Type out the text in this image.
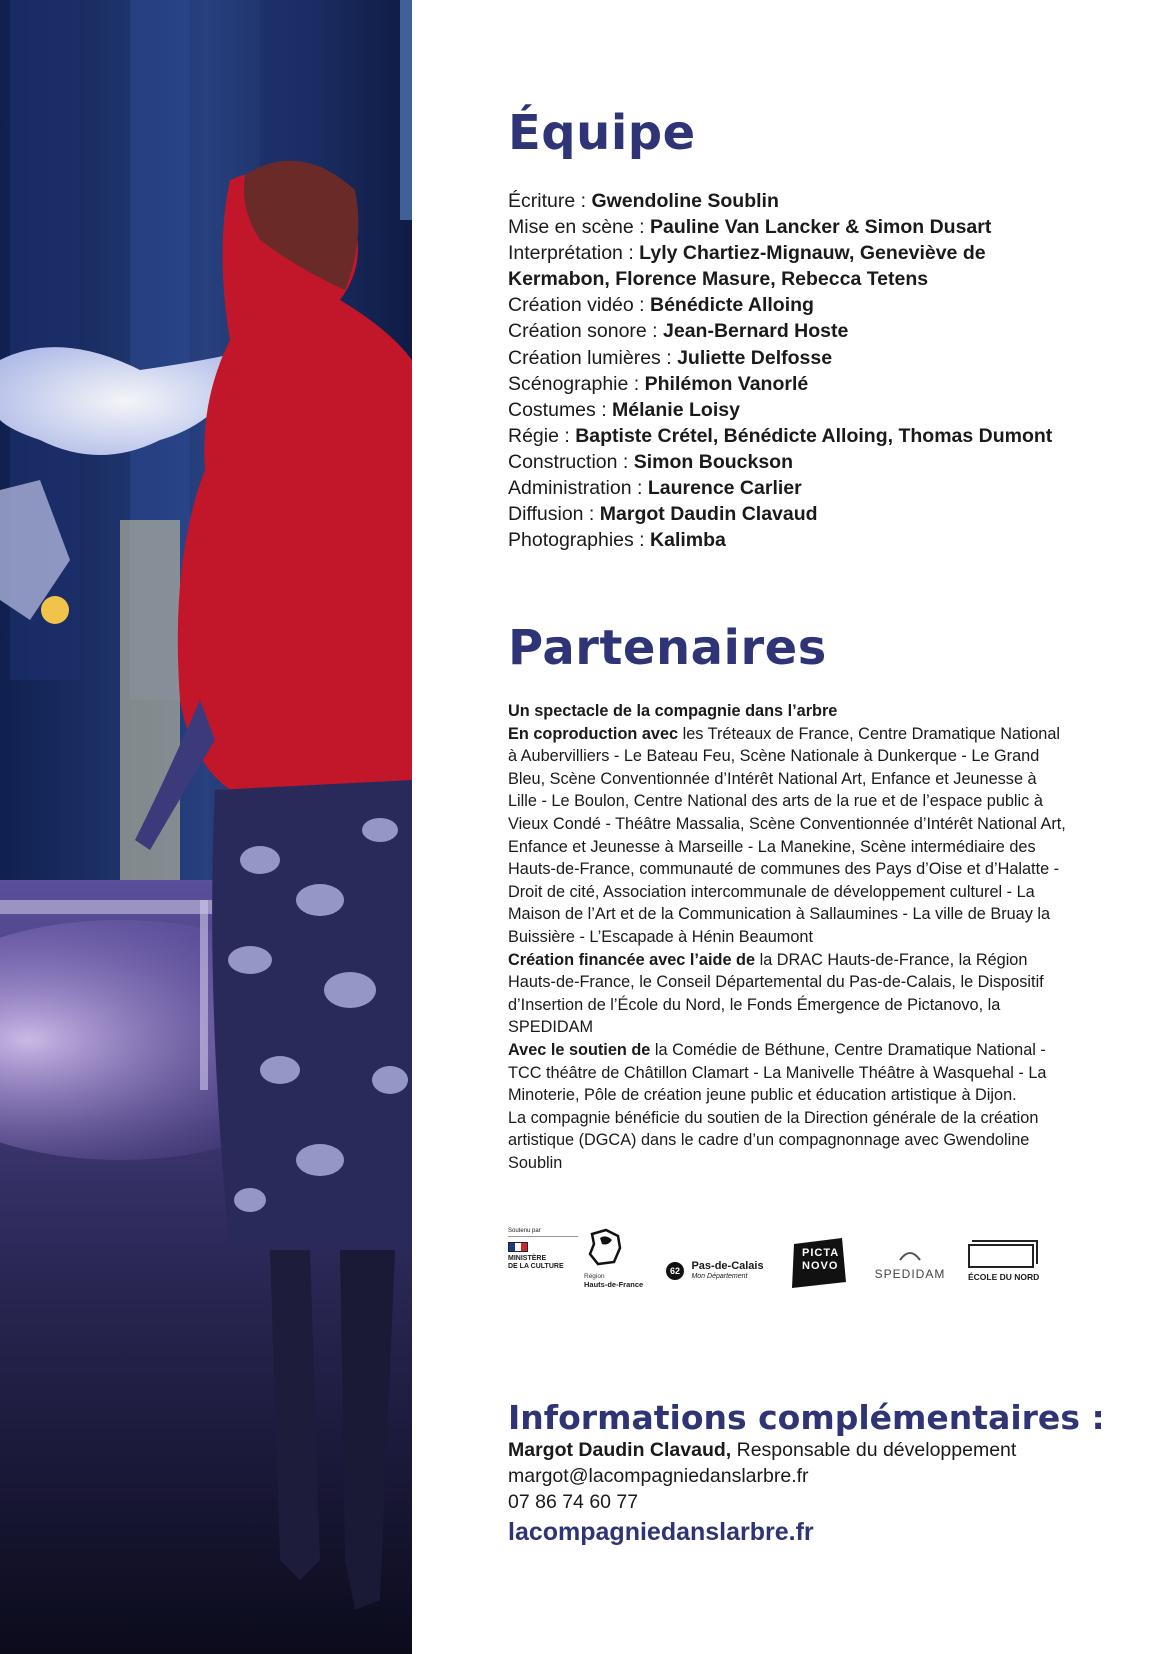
Équipe
Écriture : Gwendoline Soublin
Mise en scène : Pauline Van Lancker & Simon Dusart
Interprétation : Lyly Chartiez-Mignauw, Geneviève de
Kermabon, Florence Masure, Rebecca Tetens
Création vidéo : Bénédicte Alloing
Création sonore : Jean-Bernard Hoste
Création lumières : Juliette Delfosse
Scénographie : Philémon Vanorlé
Costumes : Mélanie Loisy
Régie : Baptiste Crétel, Bénédicte Alloing, Thomas Dumont
Construction : Simon Bouckson
Administration : Laurence Carlier
Diffusion : Margot Daudin Clavaud
Photographies : Kalimba
Partenaires

Un spectacle de la compagnie dans l’arbre

En coproduction avec les Tréteaux de France, Centre Dramatique National à Aubervilliers - Le Bateau Feu, Scène Nationale à Dunkerque - Le Grand Bleu, Scène Conventionnée d’Intérêt National Art, Enfance et Jeunesse à Lille - Le Boulon, Centre National des arts de la rue et de l’espace public à Vieux Condé - Théâtre Massalia, Scène Conventionnée d’Intérêt National Art, Enfance et Jeunesse à Marseille - La Manekine, Scène intermédiaire des Hauts-de-France, communauté de communes des Pays d’Oise et d’Halatte - Droit de cité, Association intercommunale de développement culturel - La Maison de l’Art et de la Communication à Sallaumines - La ville de Bruay la Buissière - L’Escapade à Hénin Beaumont

Création financée avec l’aide de la DRAC Hauts-de-France, la Région Hauts-de-France, le Conseil Départemental du Pas-de-Calais, le Dispositif d’Insertion de l’École du Nord, le Fonds Émergence de Pictanovo, la SPEDIDAM

Avec le soutien de la Comédie de Béthune, Centre Dramatique National - TCC théâtre de Châtillon Clamart - La Manivelle Théâtre à Wasquehal - La Minoterie, Pôle de création jeune public et éducation artistique à Dijon.

La compagnie bénéficie du soutien de la Direction générale de la création artistique (DGCA) dans le cadre d’un compagnonnage avec Gwendoline Soublin

Soutenu par
MINISTÈRE
DE LA CULTURE
Région
Hauts-de-France
62 Pas-de-Calais
Mon Département
PICTA
NOVO
SPEDIDAM	ÉCOLE DU NORD
Informations complémentaires :
Margot Daudin Clavaud, Responsable du développement
margot@lacompagniedanslarbre.fr
07 86 74 60 77
lacompagniedanslarbre.fr
